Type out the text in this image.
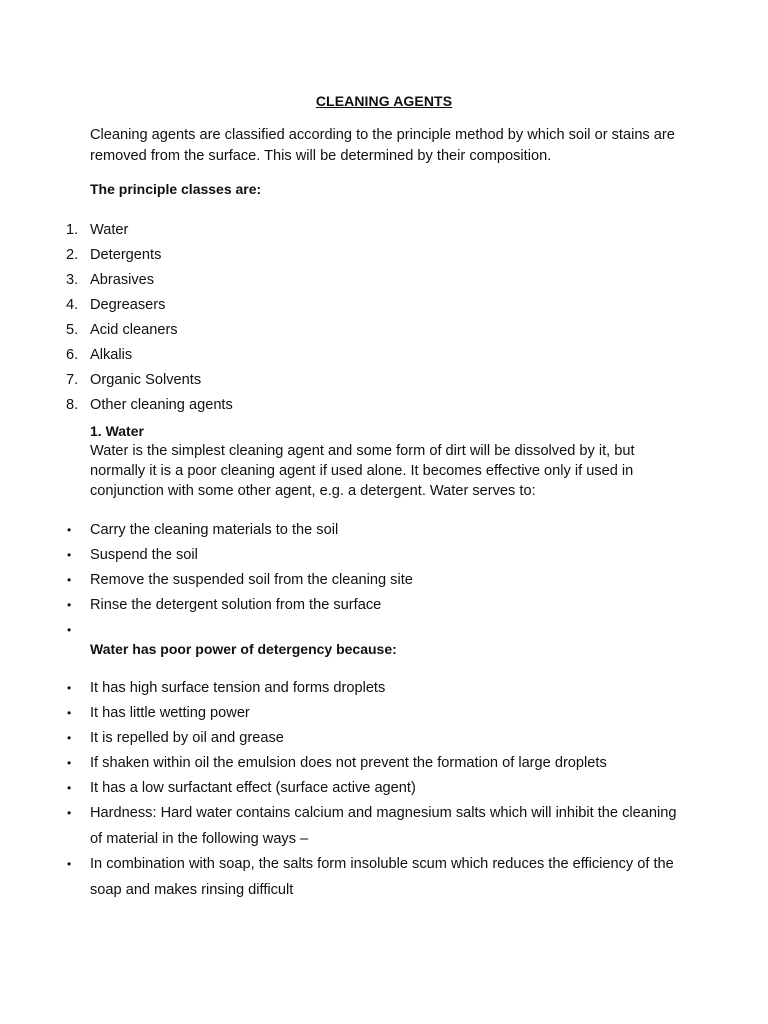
CLEANING AGENTS
Cleaning agents are classified according to the principle method by which soil or stains are removed from the surface. This will be determined by their composition.
The principle classes are:
1. Water
2. Detergents
3. Abrasives
4. Degreasers
5. Acid cleaners
6. Alkalis
7. Organic Solvents
8. Other cleaning agents
1. Water
Water is the simplest cleaning agent and some form of dirt will be dissolved by it, but normally it is a poor cleaning agent if used alone. It becomes effective only if used in conjunction with some other agent, e.g. a detergent. Water serves to:
• Carry the cleaning materials to the soil
• Suspend the soil
• Remove the suspended soil from the cleaning site
• Rinse the detergent solution from the surface
•
Water has poor power of detergency because:
• It has high surface tension and forms droplets
• It has little wetting power
• It is repelled by oil and grease
• If shaken within oil the emulsion does not prevent the formation of large droplets
• It has a low surfactant effect (surface active agent)
• Hardness: Hard water contains calcium and magnesium salts which will inhibit the cleaning of material in the following ways –
• In combination with soap, the salts form insoluble scum which reduces the efficiency of the soap and makes rinsing difficult
